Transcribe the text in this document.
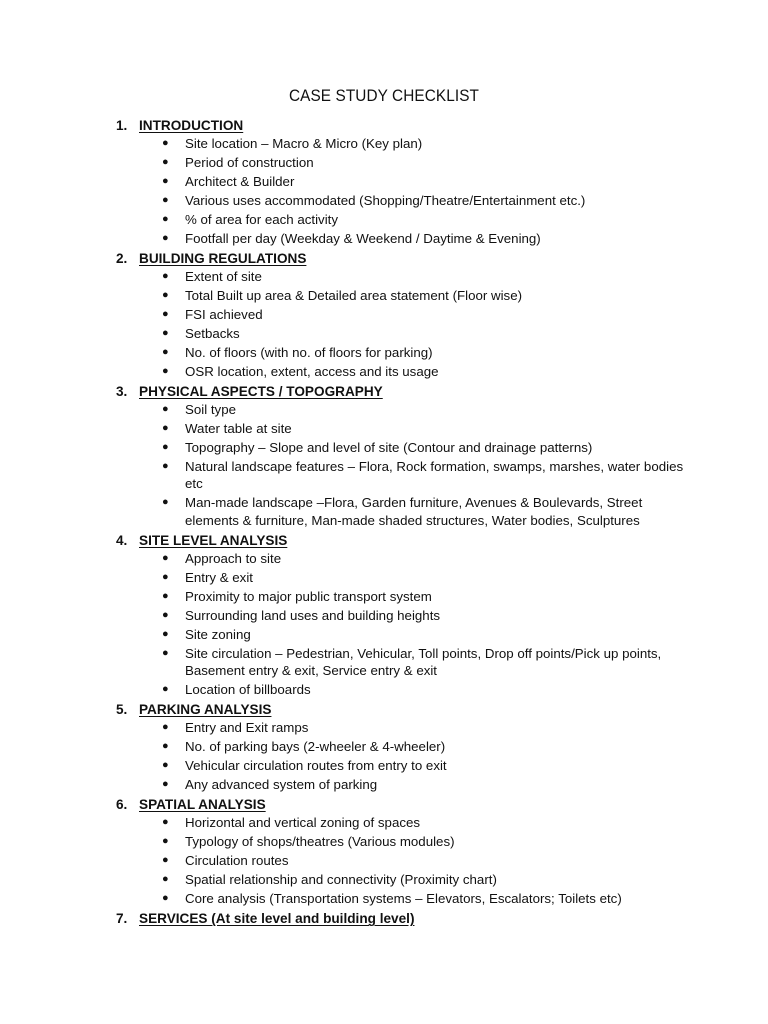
CASE STUDY CHECKLIST
1. INTRODUCTION
● Site location – Macro & Micro (Key plan)
● Period of construction
● Architect & Builder
● Various uses accommodated (Shopping/Theatre/Entertainment etc.)
● % of area for each activity
● Footfall per day (Weekday & Weekend / Daytime & Evening)
2. BUILDING REGULATIONS
● Extent of site
● Total Built up area & Detailed area statement (Floor wise)
● FSI achieved
● Setbacks
● No. of floors (with no. of floors for parking)
● OSR location, extent, access and its usage
3. PHYSICAL ASPECTS / TOPOGRAPHY
● Soil type
● Water table at site
● Topography – Slope and level of site (Contour and drainage patterns)
● Natural landscape features – Flora, Rock formation, swamps, marshes, water bodies etc
● Man-made landscape –Flora, Garden furniture, Avenues & Boulevards, Street elements & furniture, Man-made shaded structures, Water bodies, Sculptures
4. SITE LEVEL ANALYSIS
● Approach to site
● Entry & exit
● Proximity to major public transport system
● Surrounding land uses and building heights
● Site zoning
● Site circulation – Pedestrian, Vehicular, Toll points, Drop off points/Pick up points, Basement entry & exit, Service entry & exit
● Location of billboards
5. PARKING ANALYSIS
● Entry and Exit ramps
● No. of parking bays (2-wheeler & 4-wheeler)
● Vehicular circulation routes from entry to exit
● Any advanced system of parking
6. SPATIAL ANALYSIS
● Horizontal and vertical zoning of spaces
● Typology of shops/theatres (Various modules)
● Circulation routes
● Spatial relationship and connectivity (Proximity chart)
● Core analysis (Transportation systems – Elevators, Escalators; Toilets etc)
7. SERVICES (At site level and building level)
